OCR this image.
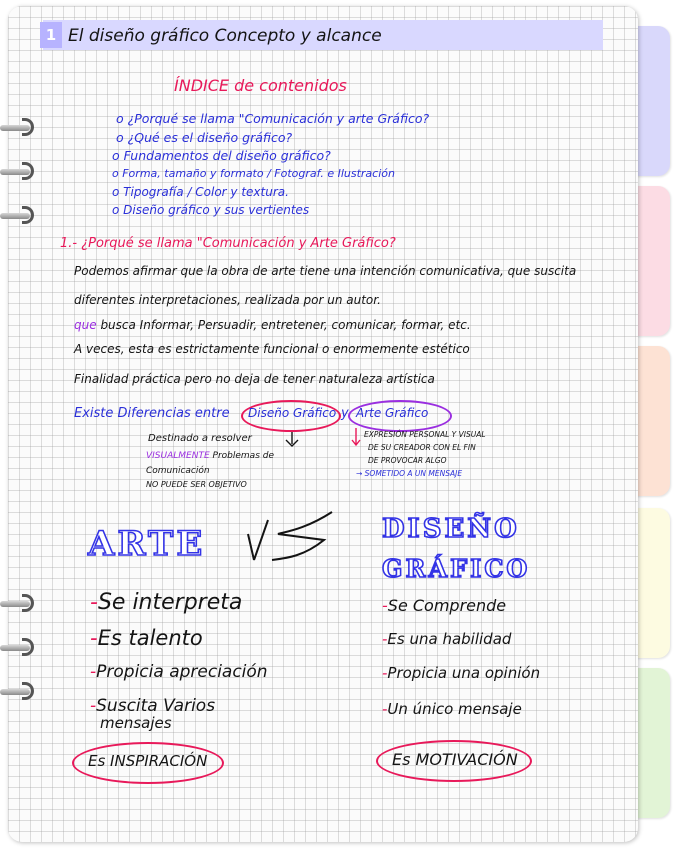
1 El diseño gráfico Concepto y alcance
ÍNDICE de contenidos
o ¿Porqué se llama "Comunicación y arte Gráfico?
o ¿Qué es el diseño gráfico?
o Fundamentos del diseño gráfico?
o Forma, tamaño y formato / Fotograf. e Ilustración
o Tipografía / Color y textura.
o Diseño gráfico y sus vertientes
1.- ¿Porqué se llama "Comunicación y Arte Gráfico?
Podemos afirmar que la obra de arte tiene una intención comunicativa, que suscita
diferentes interpretaciones, realizada por un autor.
que busca Informar, Persuadir, entretener, comunicar, formar, etc.
A veces, esta es estrictamente funcional o enormemente estético
Finalidad práctica pero no deja de tener naturaleza artística
Existe Diferencias entre Diseño Gráfico y Arte Gráfico
Destinado a resolver
VISUALMENTE Problemas de
Comunicación
NO PUEDE SER OBJETIVO
EXPRESIÓN PERSONAL Y VISUAL
DE SU CREADOR CON EL FIN
DE PROVOCAR ALGO
→ SOMETIDO A UN MENSAJE
ARTE	DISEÑO
GRÁFICO
-Se interpreta
-Es talento
-Propicia apreciación
-Suscita Varios
mensajes
Es INSPIRACIÓN
-Se Comprende
-Es una habilidad
-Propicia una opinión
-Un único mensaje
Es MOTIVACIÓN
